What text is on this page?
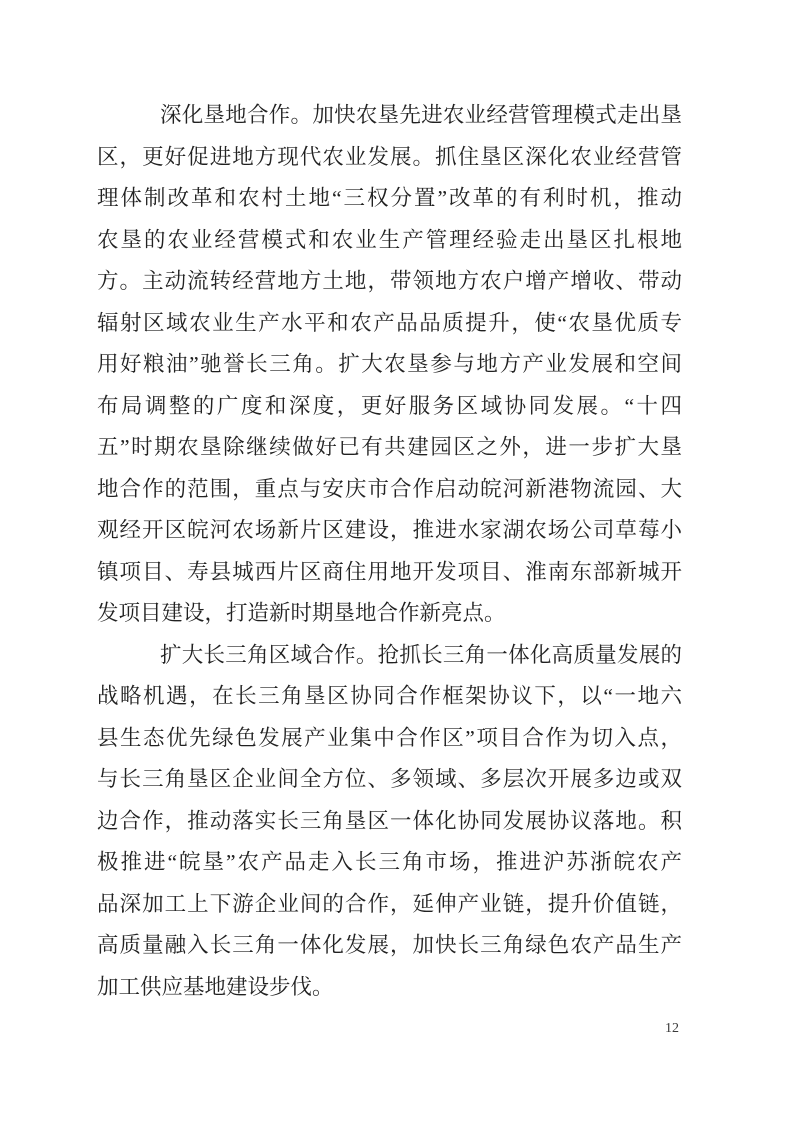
深化垦地合作。加快农垦先进农业经营管理模式走出垦
区，更好促进地方现代农业发展。抓住垦区深化农业经营管
理体制改革和农村土地“三权分置”改革的有利时机，推动
农垦的农业经营模式和农业生产管理经验走出垦区扎根地
方。主动流转经营地方土地，带领地方农户增产增收、带动
辐射区域农业生产水平和农产品品质提升，使“农垦优质专
用好粮油”驰誉长三角。扩大农垦参与地方产业发展和空间
布局调整的广度和深度，更好服务区域协同发展。“十四
五”时期农垦除继续做好已有共建园区之外，进一步扩大垦
地合作的范围，重点与安庆市合作启动皖河新港物流园、大
观经开区皖河农场新片区建设，推进水家湖农场公司草莓小
镇项目、寿县城西片区商住用地开发项目、淮南东部新城开
发项目建设，打造新时期垦地合作新亮点。
扩大长三角区域合作。抢抓长三角一体化高质量发展的
战略机遇，在长三角垦区协同合作框架协议下，以“一地六
县生态优先绿色发展产业集中合作区”项目合作为切入点，
与长三角垦区企业间全方位、多领域、多层次开展多边或双
边合作，推动落实长三角垦区一体化协同发展协议落地。积
极推进“皖垦”农产品走入长三角市场，推进沪苏浙皖农产
品深加工上下游企业间的合作，延伸产业链，提升价值链，
高质量融入长三角一体化发展，加快长三角绿色农产品生产
加工供应基地建设步伐。
12
